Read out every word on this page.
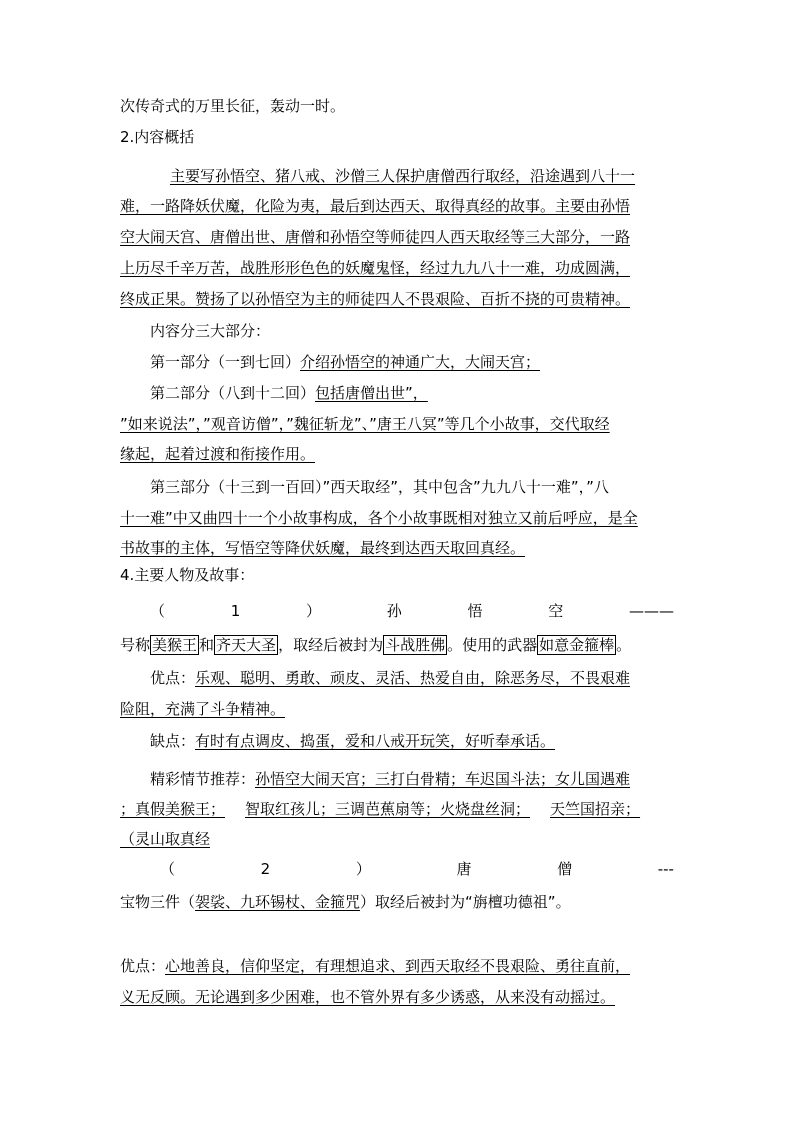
次传奇式的万里长征，轰动一时。
2.内容概括
主要写孙悟空、猪八戒、沙僧三人保护唐僧西行取经，沿途遇到八十一
难，一路降妖伏魔，化险为夷，最后到达西天、取得真经的故事。主要由孙悟
空大闹天宫、唐僧出世、唐僧和孙悟空等师徒四人西天取经等三大部分，一路
上历尽千辛万苦，战胜形形色色的妖魔鬼怪，经过九九八十一难，功成圆满，
终成正果。赞扬了以孙悟空为主的师徒四人不畏艰险、百折不挠的可贵精神。
内容分三大部分：
第一部分（一到七回）介绍孙悟空的神通广大，大闹天宫；
第二部分（八到十二回）包括唐僧出世”，
”如来说法”，”观音访僧”，”魏征斩龙”、”唐王八冥”等几个小故事，交代取经
缘起，起着过渡和衔接作用。
第三部分（十三到一百回）”西天取经”，其中包含”九九八十一难”，”八
十一难”中又曲四十一个小故事构成，各个小故事既相对独立又前后呼应，是全
书故事的主体，写悟空等降伏妖魔，最终到达西天取回真经。
4.主要人物及故事：
（	1	）	孙	悟	空	———
号称 美猴王 和 齐天大圣 ，取经后被封为 斗战胜佛 。使用的武器 如意金箍棒 。
优点：乐观、聪明、勇敢、顽皮、灵活、热爱自由，除恶务尽，不畏艰难
险阻，充满了斗争精神。
缺点：有时有点调皮、捣蛋，爱和八戒开玩笑，好听奉承话。
精彩情节推荐：孙悟空大闹天宫；三打白骨精；车迟国斗法；女儿国遇难
；真假美猴王； 智取红孩儿；三调芭蕉扇等；火烧盘丝洞； 天竺国招亲；
（灵山取真经
（	2	）	唐	僧	---
宝物三件（袈裟、九环锡杖、金箍咒）取经后被封为“旃檀功德祖”。
优点：心地善良，信仰坚定，有理想追求、到西天取经不畏艰险、勇往直前，
义无反顾。无论遇到多少困难，也不管外界有多少诱惑，从来没有动摇过。
